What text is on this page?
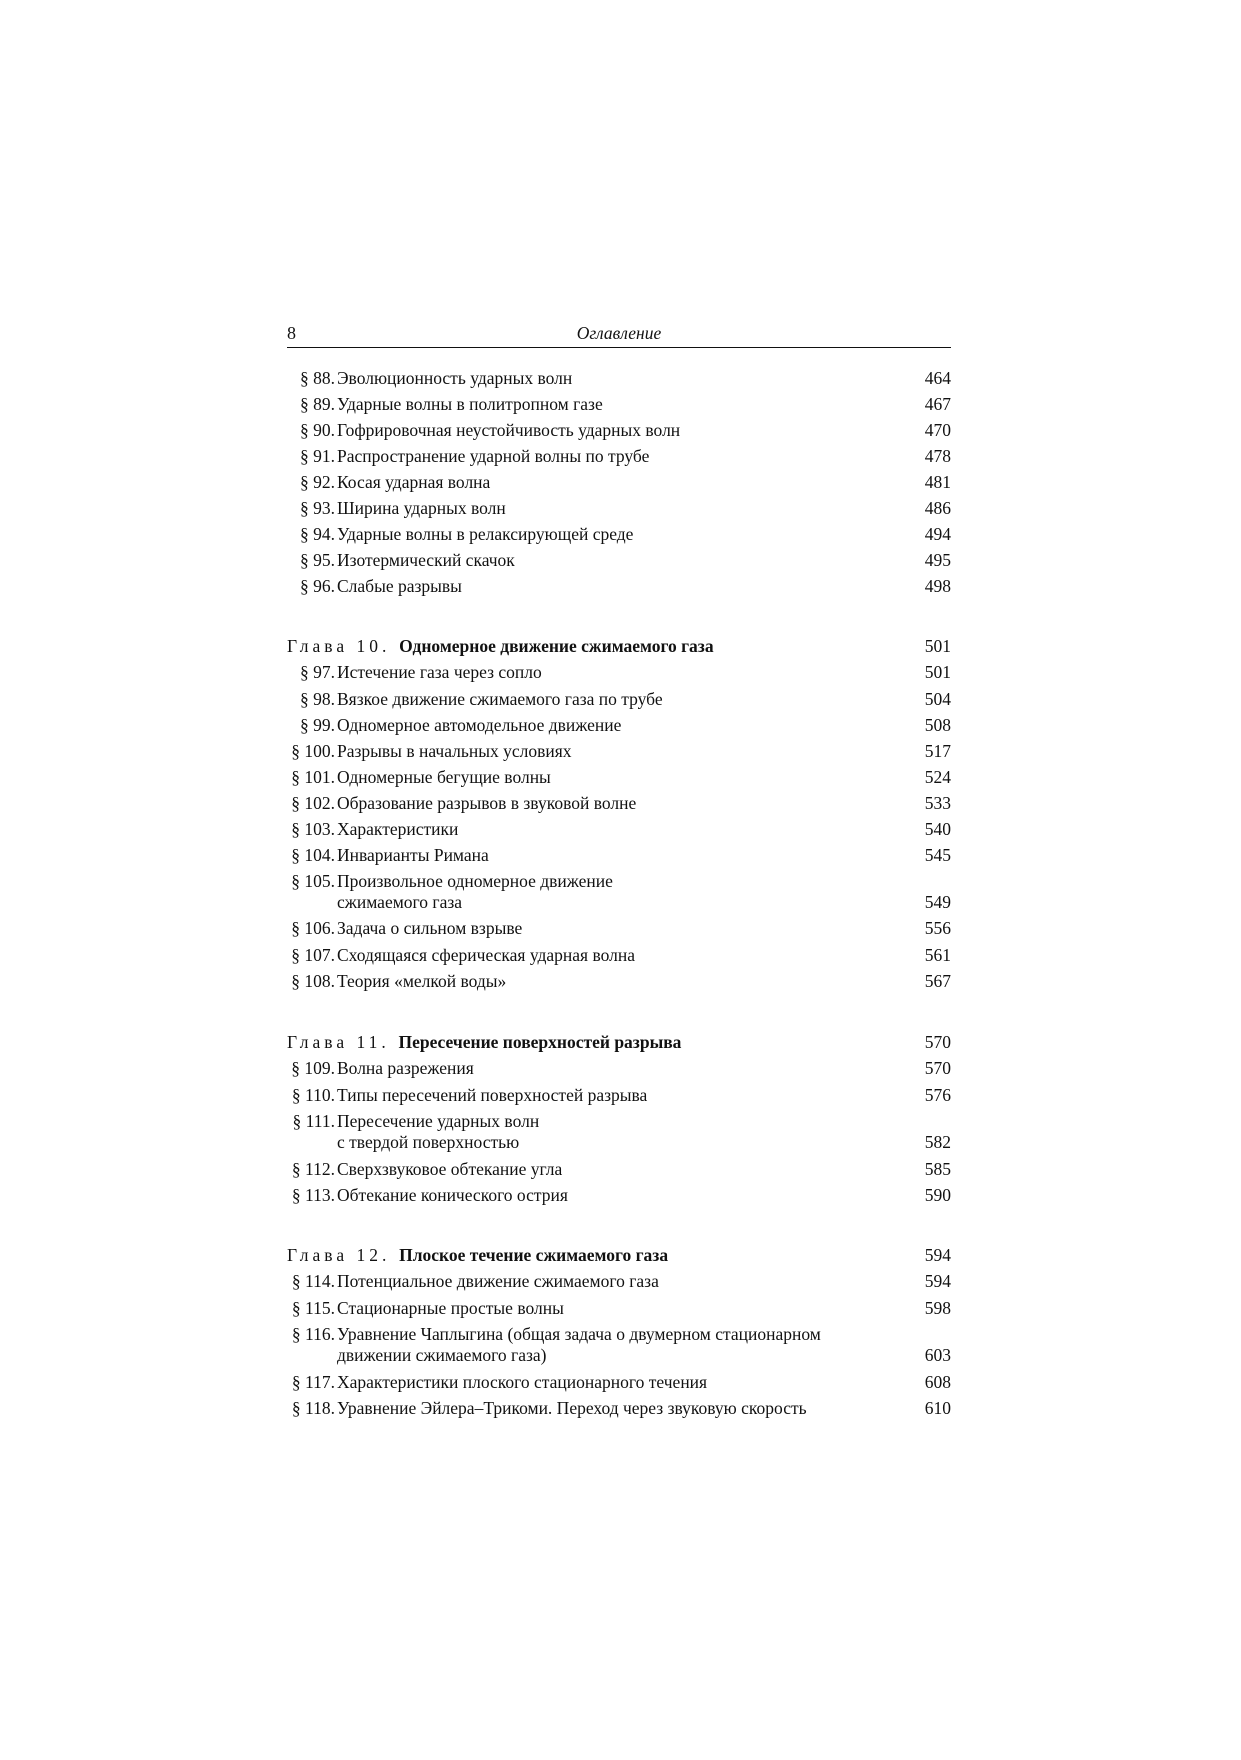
8	Оглавление
§ 88. Эволюционность ударных волн . . .	464
§ 89. Ударные волны в политропном газе . . .	467
§ 90. Гофрировочная неустойчивость ударных волн . . .	470
§ 91. Распространение ударной волны по трубе . . .	478
§ 92. Косая ударная волна . . .	481
§ 93. Ширина ударных волн . . .	486
§ 94. Ударные волны в релаксирующей среде . . .	494
§ 95. Изотермический скачок . . .	495
§ 96. Слабые разрывы . . .	498
Глава 10. Одномерное движение сжимаемого газа . . .	501
§ 97. Истечение газа через сопло . . .	501
§ 98. Вязкое движение сжимаемого газа по трубе . . .	504
§ 99. Одномерное автомодельное движение . . .	508
§ 100. Разрывы в начальных условиях . . .	517
§ 101. Одномерные бегущие волны . . .	524
§ 102. Образование разрывов в звуковой волне . . .	533
§ 103. Характеристики . . .	540
§ 104. Инварианты Римана . . .	545
§ 105. Произвольное одномерное движение
сжимаемого газа . . .	549
§ 106. Задача о сильном взрыве . . .	556
§ 107. Сходящаяся сферическая ударная волна . . .	561
§ 108. Теория «мелкой воды» . . .	567
Глава 11. Пересечение поверхностей разрыва . . .	570
§ 109. Волна разрежения . . .	570
§ 110. Типы пересечений поверхностей разрыва . . .	576
§ 111. Пересечение ударных волн
с твердой поверхностью . . .	582
§ 112. Сверхзвуковое обтекание угла . . .	585
§ 113. Обтекание конического острия . . .	590
Глава 12. Плоское течение сжимаемого газа . . .	594
§ 114. Потенциальное движение сжимаемого газа . . .	594
§ 115. Стационарные простые волны . . .	598
§ 116. Уравнение Чаплыгина (общая задача о двумерном стационарном
движении сжимаемого газа) . . .	603
§ 117. Характеристики плоского стационарного течения . . .	608
§ 118. Уравнение Эйлера–Трикоми. Переход через звуковую скорость . . .	610
